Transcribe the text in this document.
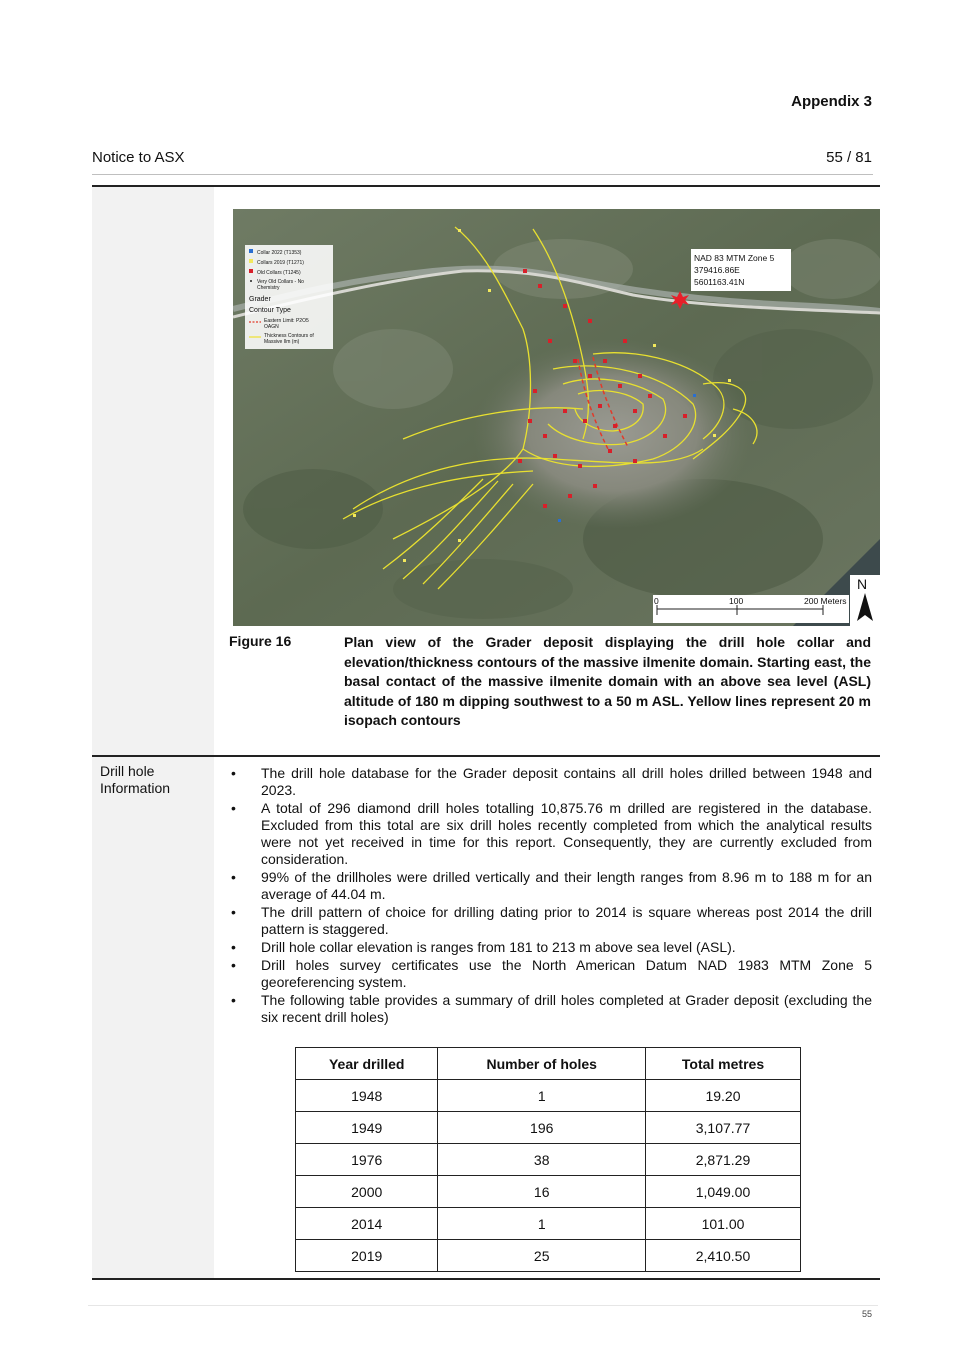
Appendix 3
Notice to ASX	55 / 81
Collar 2022 (T1353)
Collars 2019 (T1271)
Old Collars (T1245)
Very Old Collars - No
Chemistry
Grader
Contour Type
Eastern Limit: P2O5
OAGN
Thickness Contours of
Massive Ilm (m)
NAD 83 MTM Zone 5
379416.86E
5601163.41N
0	100	200 Meters
N
Figure 16	Plan view of the Grader deposit displaying the drill hole collar and elevation/thickness contours of the massive ilmenite domain. Starting east, the basal contact of the massive ilmenite domain with an above sea level (ASL) altitude of 180 m dipping southwest to a 50 m ASL. Yellow lines represent 20 m isopach contours
Drill hole Information
• The drill hole database for the Grader deposit contains all drill holes drilled between 1948 and 2023.
• A total of 296 diamond drill holes totalling 10,875.76 m drilled are registered in the database. Excluded from this total are six drill holes recently completed from which the analytical results were not yet received in time for this report. Consequently, they are currently excluded from consideration.
• 99% of the drillholes were drilled vertically and their length ranges from 8.96 m to 188 m for an average of 44.04 m.
• The drill pattern of choice for drilling dating prior to 2014 is square whereas post 2014 the drill pattern is staggered.
• Drill hole collar elevation is ranges from 181 to 213 m above sea level (ASL).
• Drill holes survey certificates use the North American Datum NAD 1983 MTM Zone 5 georeferencing system.
• The following table provides a summary of drill holes completed at Grader deposit (excluding the six recent drill holes)
Year drilled	Number of holes	Total metres
1948	1	19.20
1949	196	3,107.77
1976	38	2,871.29
2000	16	1,049.00
2014	1	101.00
2019	25	2,410.50
55
